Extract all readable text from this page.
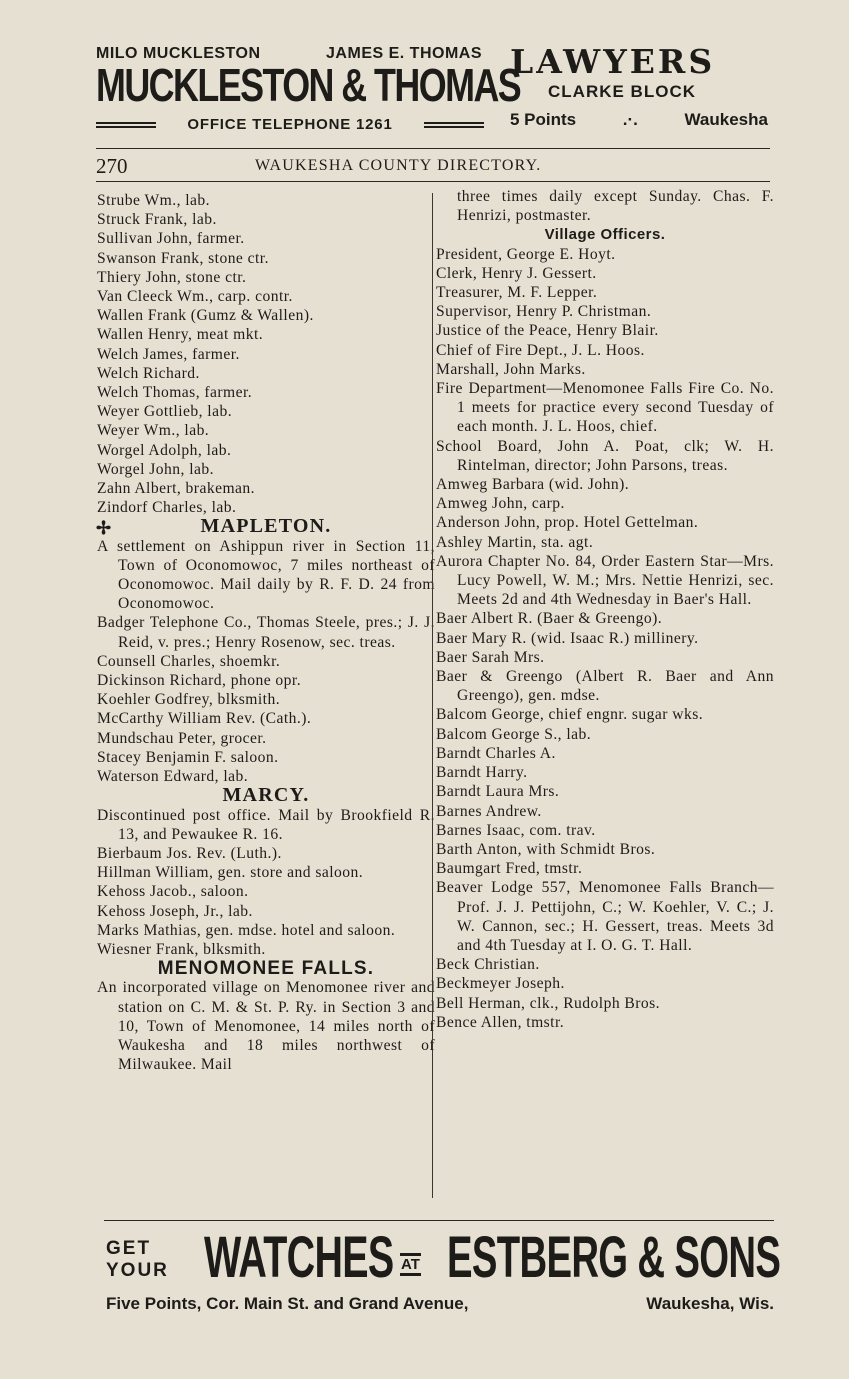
MILO MUCKLESTON	JAMES E. THOMAS
MUCKLESTON & THOMAS
OFFICE TELEPHONE 1261
LAWYERS
CLARKE BLOCK
5 Points	.·.	Waukesha
270	WAUKESHA COUNTY DIRECTORY.
✢
Strube Wm., lab.
Struck Frank, lab.
Sullivan John, farmer.
Swanson Frank, stone ctr.
Thiery John, stone ctr.
Van Cleeck Wm., carp. contr.
Wallen Frank (Gumz & Wallen).
Wallen Henry, meat mkt.
Welch James, farmer.
Welch Richard.
Welch Thomas, farmer.
Weyer Gottlieb, lab.
Weyer Wm., lab.
Worgel Adolph, lab.
Worgel John, lab.
Zahn Albert, brakeman.
Zindorf Charles, lab.
MAPLETON.
A settlement on Ashippun river in Section 11, Town of Oconomowoc, 7 miles northeast of Oconomowoc. Mail daily by R. F. D. 24 from Oconomowoc.
Badger Telephone Co., Thomas Steele, pres.; J. J. Reid, v. pres.; Henry Rosenow, sec. treas.
Counsell Charles, shoemkr.
Dickinson Richard, phone opr.
Koehler Godfrey, blksmith.
McCarthy William Rev. (Cath.).
Mundschau Peter, grocer.
Stacey Benjamin F. saloon.
Waterson Edward, lab.
MARCY.
Discontinued post office. Mail by Brookfield R. 13, and Pewaukee R. 16.
Bierbaum Jos. Rev. (Luth.).
Hillman William, gen. store and saloon.
Kehoss Jacob., saloon.
Kehoss Joseph, Jr., lab.
Marks Mathias, gen. mdse. hotel and saloon.
Wiesner Frank, blksmith.
MENOMONEE FALLS.
An incorporated village on Menomonee river and station on C. M. & St. P. Ry. in Section 3 and 10, Town of Menomonee, 14 miles north of Waukesha and 18 miles northwest of Milwaukee. Mail
three times daily except Sunday. Chas. F. Henrizi, postmaster.
Village Officers.
President, George E. Hoyt.
Clerk, Henry J. Gessert.
Treasurer, M. F. Lepper.
Supervisor, Henry P. Christman.
Justice of the Peace, Henry Blair.
Chief of Fire Dept., J. L. Hoos.
Marshall, John Marks.
Fire Department—Menomonee Falls Fire Co. No. 1 meets for practice every second Tuesday of each month. J. L. Hoos, chief.
School Board, John A. Poat, clk; W. H. Rintelman, director; John Parsons, treas.
Amweg Barbara (wid. John).
Amweg John, carp.
Anderson John, prop. Hotel Gettelman.
Ashley Martin, sta. agt.
Aurora Chapter No. 84, Order Eastern Star—Mrs. Lucy Powell, W. M.; Mrs. Nettie Henrizi, sec. Meets 2d and 4th Wednesday in Baer's Hall.
Baer Albert R. (Baer & Greengo).
Baer Mary R. (wid. Isaac R.) millinery.
Baer Sarah Mrs.
Baer & Greengo (Albert R. Baer and Ann Greengo), gen. mdse.
Balcom George, chief engnr. sugar wks.
Balcom George S., lab.
Barndt Charles A.
Barndt Harry.
Barndt Laura Mrs.
Barnes Andrew.
Barnes Isaac, com. trav.
Barth Anton, with Schmidt Bros.
Baumgart Fred, tmstr.
Beaver Lodge 557, Menomonee Falls Branch—Prof. J. J. Pettijohn, C.; W. Koehler, V. C.; J. W. Cannon, sec.; H. Gessert, treas. Meets 3d and 4th Tuesday at I. O. G. T. Hall.
Beck Christian.
Beckmeyer Joseph.
Bell Herman, clk., Rudolph Bros.
Bence Allen, tmstr.
GET
YOUR WATCHES AT ESTBERG & SONS
Five Points, Cor. Main St. and Grand Avenue,	Waukesha, Wis.
